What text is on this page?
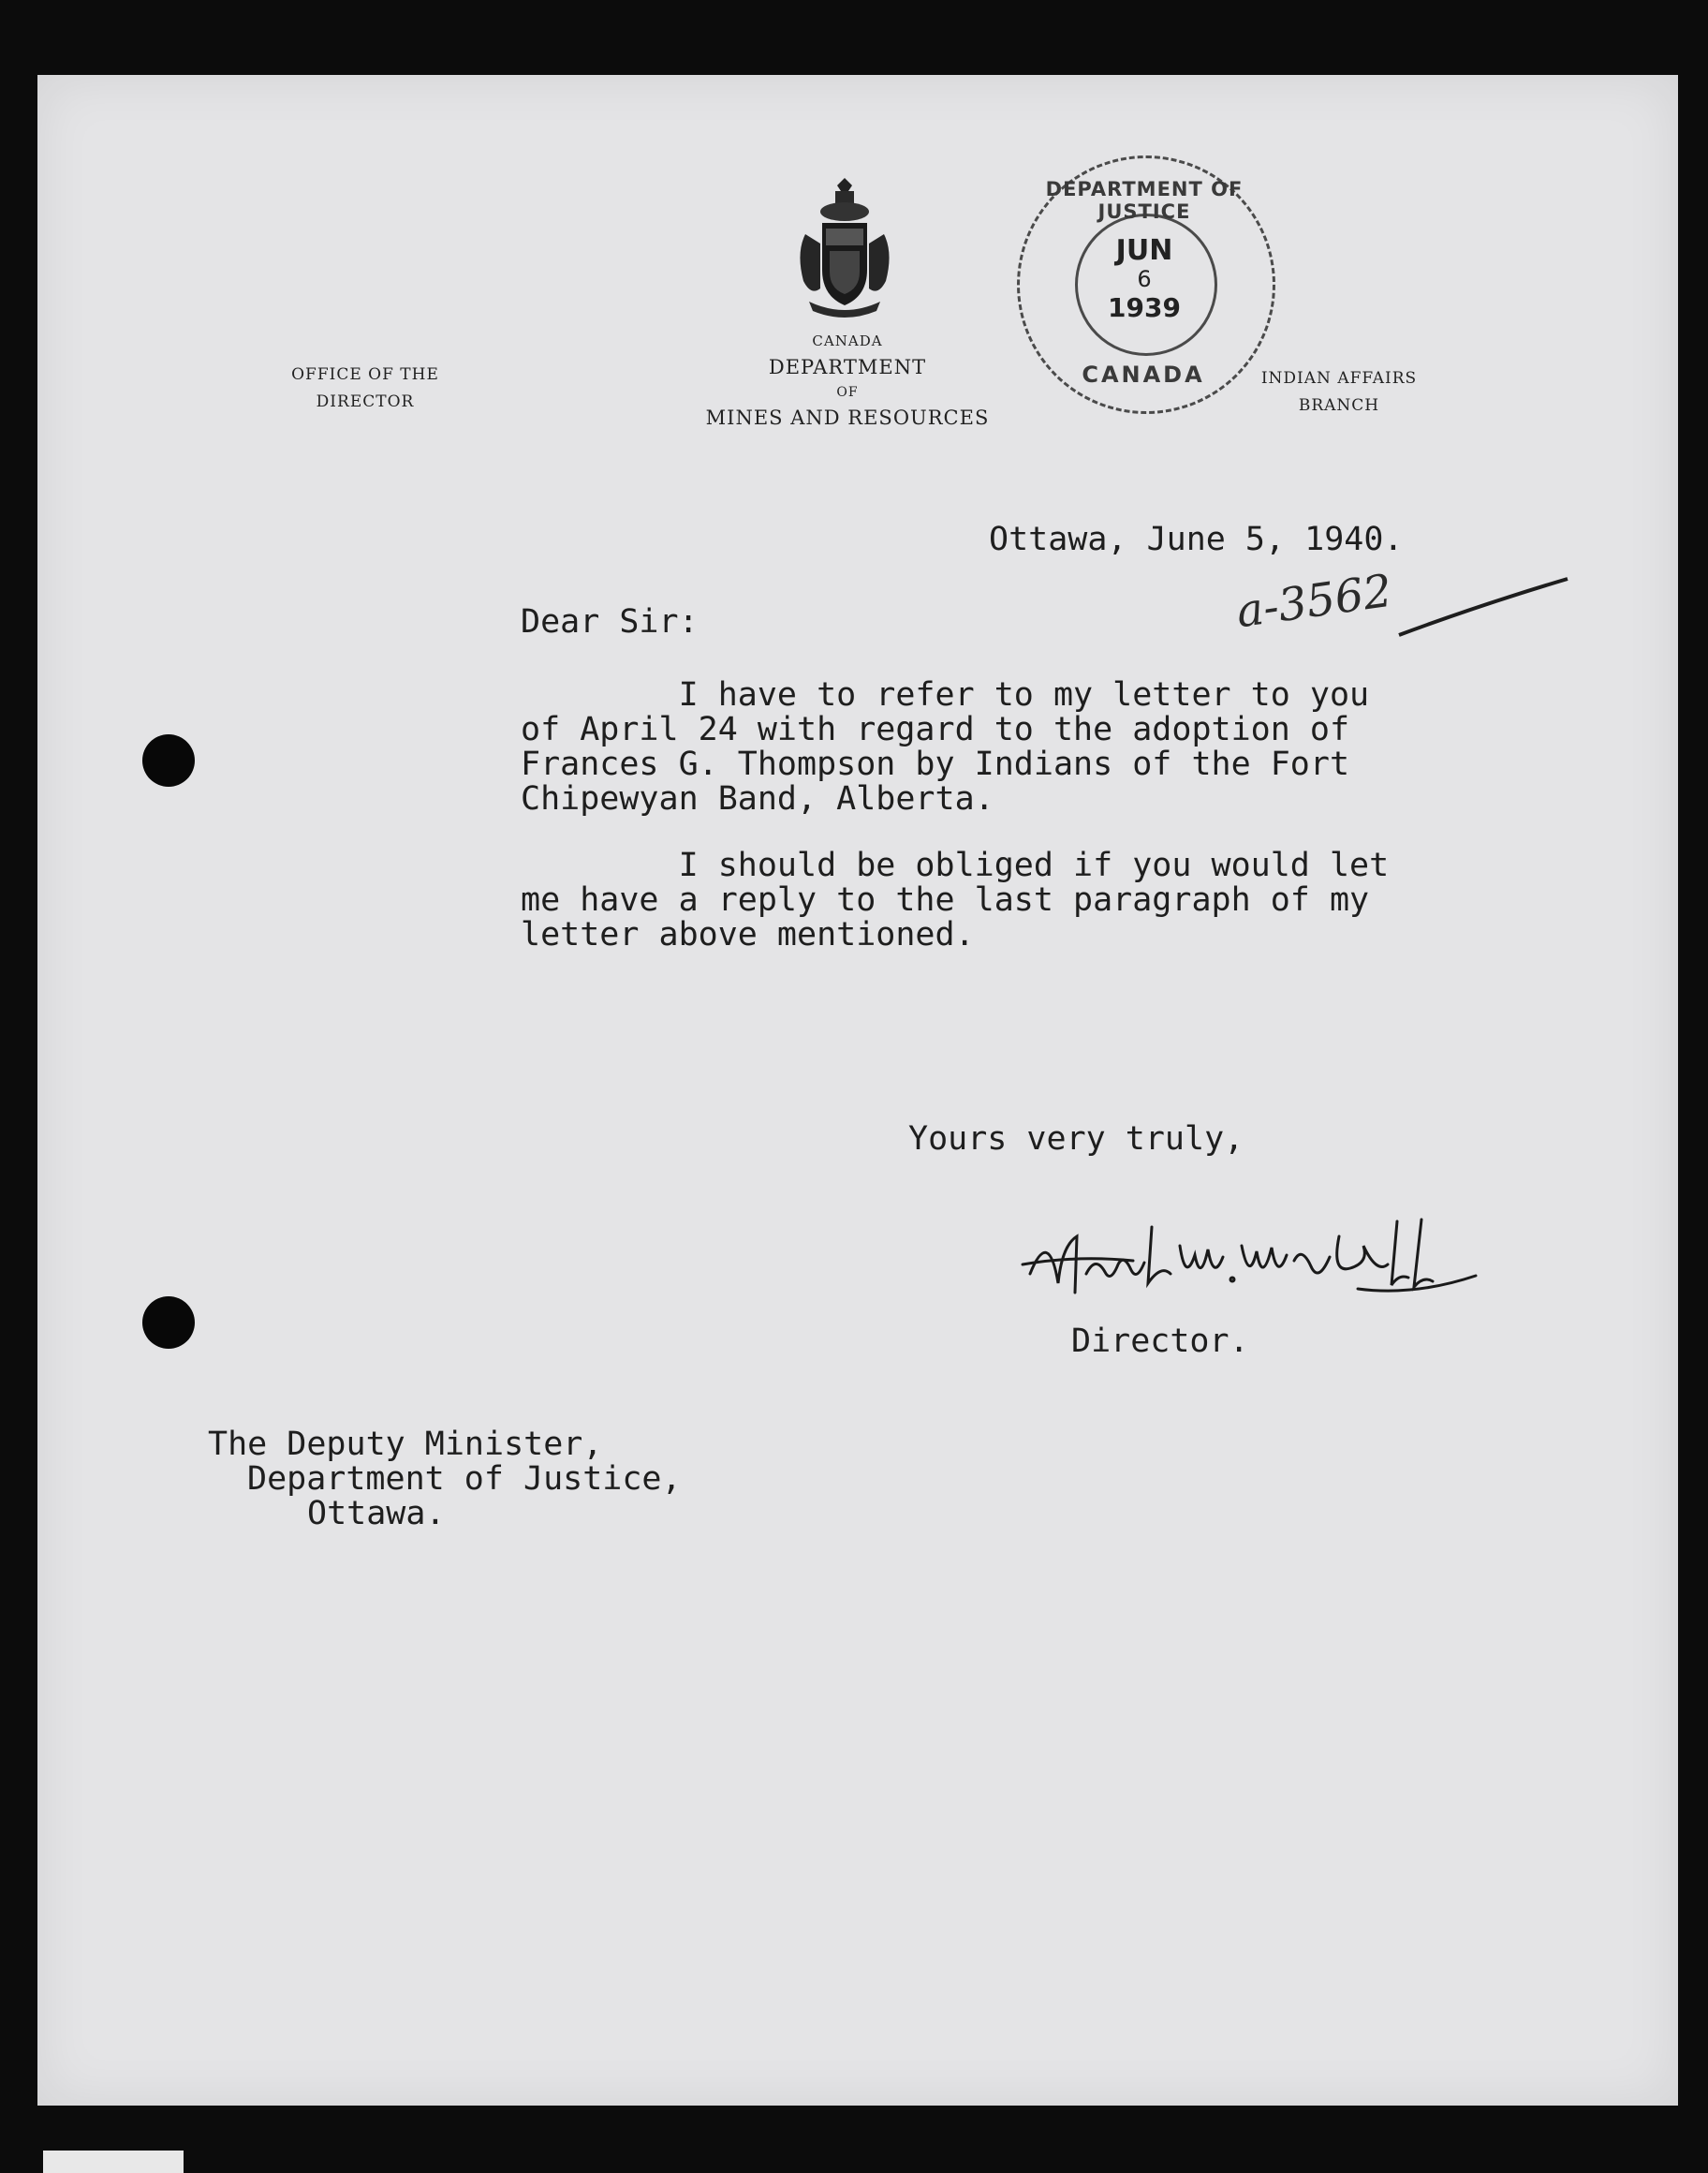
OFFICE OF THE
DIRECTOR
CANADA
DEPARTMENT
OF
MINES AND RESOURCES
INDIAN AFFAIRS
BRANCH
DEPARTMENT OF JUSTICE
CANADA
JUN
6
1939
Ottawa, June 5, 1940.
a-3562
Dear Sir:
I have to refer to my letter to you
of April 24 with regard to the adoption of
Frances G. Thompson by Indians of the Fort
Chipewyan Band, Alberta.
I should be obliged if you would let
me have a reply to the last paragraph of my
letter above mentioned.
Yours very truly,
Director.
The Deputy Minister,
Department of Justice,
Ottawa.
